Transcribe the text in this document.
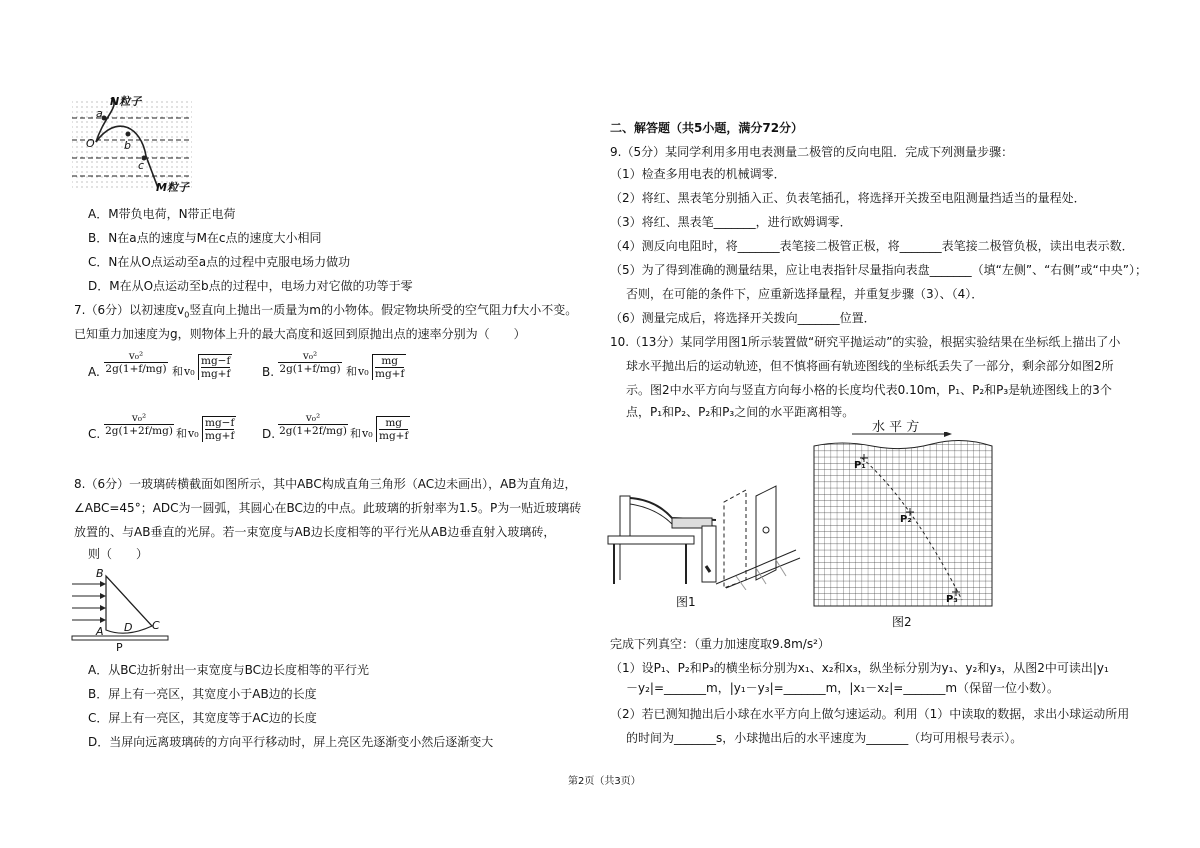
N粒子
M粒子
a
O	b
c
A．M带负电荷，N带正电荷
B．N在a点的速度与M在c点的速度大小相同
C．N在从O点运动至a点的过程中克服电场力做功
D．M在从O点运动至b点的过程中，电场力对它做的功等于零
7.（6分）以初速度$v_0$竖直向上抛出一质量为m的小物体。假定物块所受的空气阻力f大小不变。
已知重力加速度为g，则物体上升的最大高度和返回到原抛出点的速率分别为（　　）
A. $\frac{\text{v₀²}}{2g(1+f/mg)}$ 和 $v_0 \frac{mg-f}{mg+f} B$. $\frac{\text{v₀²}}{2g(1+f/mg)}$ 和 $v_0 \frac{mg}{mg+f}$
C. $\frac{\text{v₀²}}{2g(1+2f/mg)}$ 和 $v_0 \frac{mg-f}{mg+f} D$. $\frac{\text{v₀²}}{2g(1+2f/mg)}$ 和 $v_0 \frac{mg}{mg+f}$
8.（6分）一玻璃砖横截面如图所示，其中ABC构成直角三角形（AC边未画出），AB为直角边，
∠ABC=45°；ADC为一圆弧，其圆心在BC边的中点。此玻璃的折射率为1.5。P为一贴近玻璃砖
放置的、与AB垂直的光屏。若一束宽度与AB边长度相等的平行光从AB边垂直射入玻璃砖，
则（　　）
B
A D C
P
A．从BC边折射出一束宽度与BC边长度相等的平行光
B．屏上有一亮区，其宽度小于AB边的长度
C．屏上有一亮区，其宽度等于AC边的长度
D．当屏向远离玻璃砖的方向平行移动时，屏上亮区先逐渐变小然后逐渐变大
二、解答题（共5小题，满分72分）
9.（5分）某同学利用多用电表测量二极管的反向电阻．完成下列测量步骤：
（1）检查多用电表的机械调零．
（2）将红、黑表笔分别插入正、负表笔插孔，将选择开关拨至电阻测量挡适当的量程处．
（3）将红、黑表笔_______，进行欧姆调零．
（4）测反向电阻时，将_______表笔接二极管正极，将_______表笔接二极管负极，读出电表示数．
（5）为了得到准确的测量结果，应让电表指针尽量指向表盘_______（填“左侧”、“右侧”或“中央”）；
否则，在可能的条件下，应重新选择量程，并重复步骤（3）、（4）．
（6）测量完成后，将选择开关拨向_______位置．
10.（13分）某同学用图1所示装置做“研究平抛运动”的实验，根据实验结果在坐标纸上描出了小
球水平抛出后的运动轨迹，但不慎将画有轨迹图线的坐标纸丢失了一部分，剩余部分如图2所
示。图2中水平方向与竖直方向每小格的长度均代表0.10m，P₁、P₂和P₃是轨迹图线上的3个
点，P₁和P₂、P₂和P₃之间的水平距离相等。
图1
水 平 方
P₁
P₂
P₃
图2
完成下列真空：（重力加速度取9.8m/s²）
（1）设P₁、P₂和P₃的横坐标分别为x₁、x₂和x₃，纵坐标分别为y₁、y₂和y₃，从图2中可读出|y₁
－y₂|=_______m，|y₁－y₃|=_______m，|x₁－x₂|=_______m（保留一位小数）。
（2）若已测知抛出后小球在水平方向上做匀速运动。利用（1）中读取的数据，求出小球运动所用
的时间为_______s，小球抛出后的水平速度为_______（均可用根号表示）。
第2页（共3页）
